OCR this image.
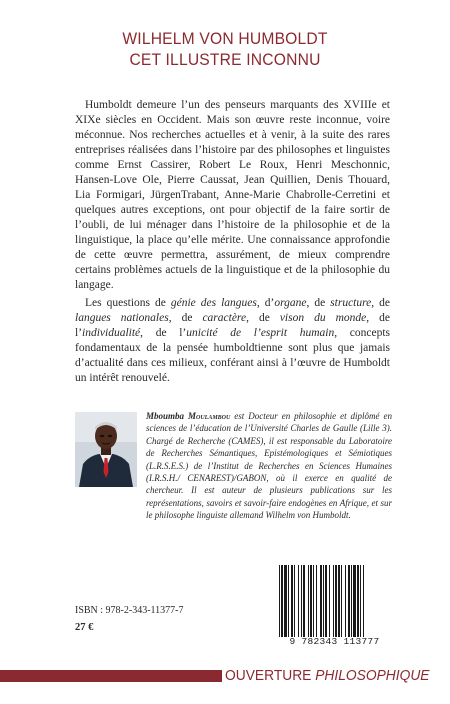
WILHELM VON HUMBOLDT
CET ILLUSTRE INCONNU

Humboldt demeure l’un des penseurs marquants des XVIIIe et XIXe siècles en Occident. Mais son œuvre reste inconnue, voire méconnue. Nos recherches actuelles et à venir, à la suite des rares entreprises réalisées dans l’histoire par des philosophes et linguistes comme Ernst Cassirer, Robert Le Roux, Henri Meschonnic, Hansen-Love Ole, Pierre Caussat, Jean Quillien, Denis Thouard, Lia Formigari, JürgenTrabant, Anne-Marie Chabrolle-Cerretini et quelques autres exceptions, ont pour objectif de la faire sortir de l’oubli, de lui ménager dans l’histoire de la philosophie et de la linguistique, la place qu’elle mérite. Une connaissance approfondie de cette œuvre permettra, assurément, de mieux comprendre certains problèmes actuels de la linguistique et de la philosophie du langage.

Les questions de génie des langues, d’organe, de structure, de langues nationales, de caractère, de vison du monde, de l’individualité, de l’unicité de l’esprit humain, concepts fondamentaux de la pensée humboldtienne sont plus que jamais d’actualité dans ces milieux, conférant ainsi à l’œuvre de Humboldt un intérêt renouvelé.

Mboumba Moulambou est Docteur en philosophie et diplômé en sciences de l’éducation de l’Université Charles de Gaulle (Lille 3). Chargé de Recherche (CAMES), il est responsable du Laboratoire de Recherches Sémantiques, Epistémologiques et Sémiotiques (L.R.S.E.S.) de l’Institut de Recherches en Sciences Humaines (I.R.S.H./ CENAREST)/GABON, où il exerce en qualité de chercheur. Il est auteur de plusieurs publications sur les représentations, savoirs et savoir-faire endogènes en Afrique, et sur le philosophe linguiste allemand Wilhelm von Humboldt.
ISBN : 978-2-343-11377-7
27 €
9 782343 113777
OUVERTURE PHILOSOPHIQUE
